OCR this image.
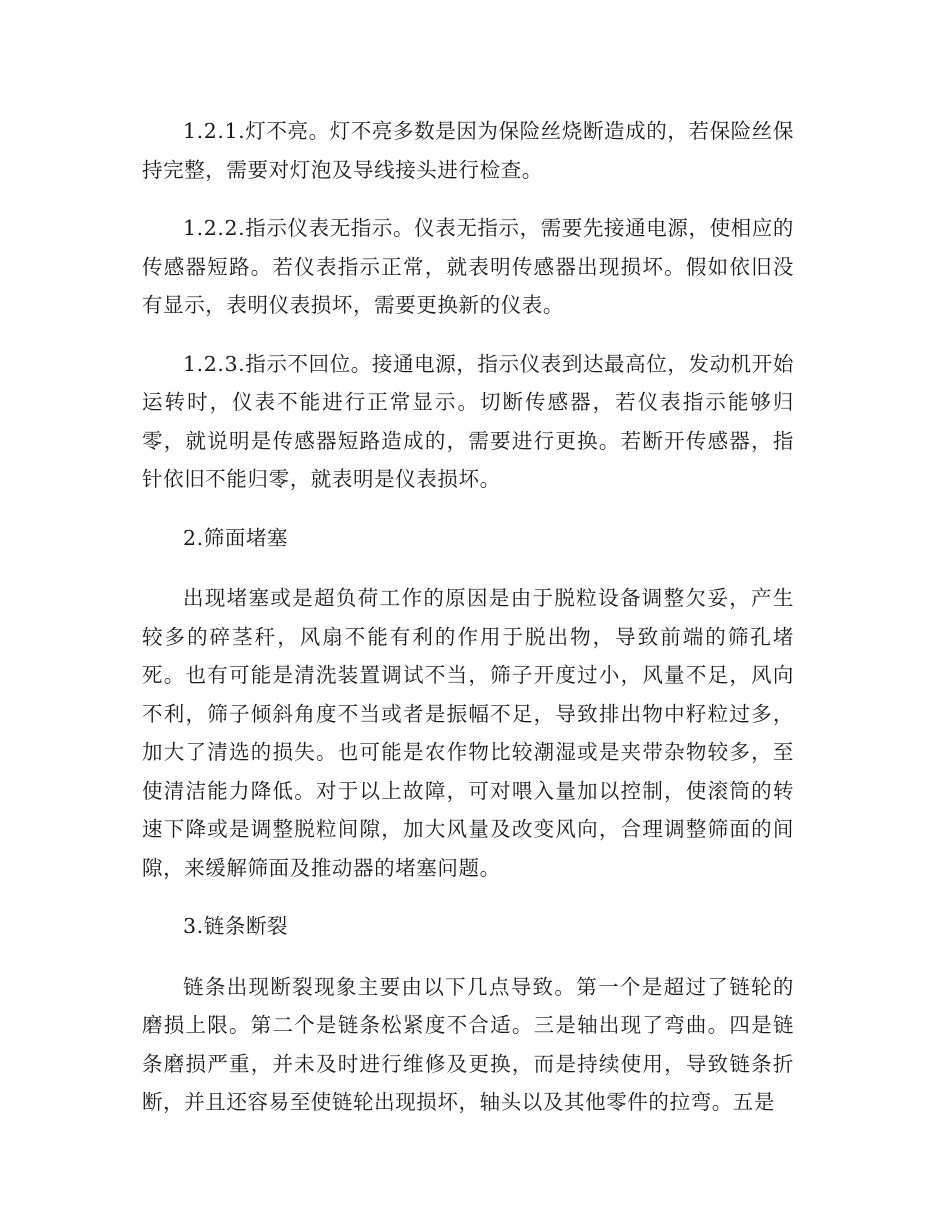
1.2.1.灯不亮。灯不亮多数是因为保险丝烧断造成的，若保险丝保持完整，需要对灯泡及导线接头进行检查。

1.2.2.指示仪表无指示。仪表无指示，需要先接通电源，使相应的传感器短路。若仪表指示正常，就表明传感器出现损坏。假如依旧没有显示，表明仪表损坏，需要更换新的仪表。

1.2.3.指示不回位。接通电源，指示仪表到达最高位，发动机开始运转时，仪表不能进行正常显示。切断传感器，若仪表指示能够归零，就说明是传感器短路造成的，需要进行更换。若断开传感器，指针依旧不能归零，就表明是仪表损坏。

2.筛面堵塞

出现堵塞或是超负荷工作的原因是由于脱粒设备调整欠妥，产生较多的碎茎秆，风扇不能有利的作用于脱出物，导致前端的筛孔堵死。也有可能是清洗装置调试不当，筛子开度过小，风量不足，风向不利，筛子倾斜角度不当或者是振幅不足，导致排出物中籽粒过多，加大了清选的损失。也可能是农作物比较潮湿或是夹带杂物较多，至使清洁能力降低。对于以上故障，可对喂入量加以控制，使滚筒的转速下降或是调整脱粒间隙，加大风量及改变风向，合理调整筛面的间隙，来缓解筛面及推动器的堵塞问题。

3.链条断裂

链条出现断裂现象主要由以下几点导致。第一个是超过了链轮的磨损上限。第二个是链条松紧度不合适。三是轴出现了弯曲。四是链条磨损严重，并未及时进行维修及更换，而是持续使用，导致链条折断，并且还容易至使链轮出现损坏，轴头以及其他零件的拉弯。五是
